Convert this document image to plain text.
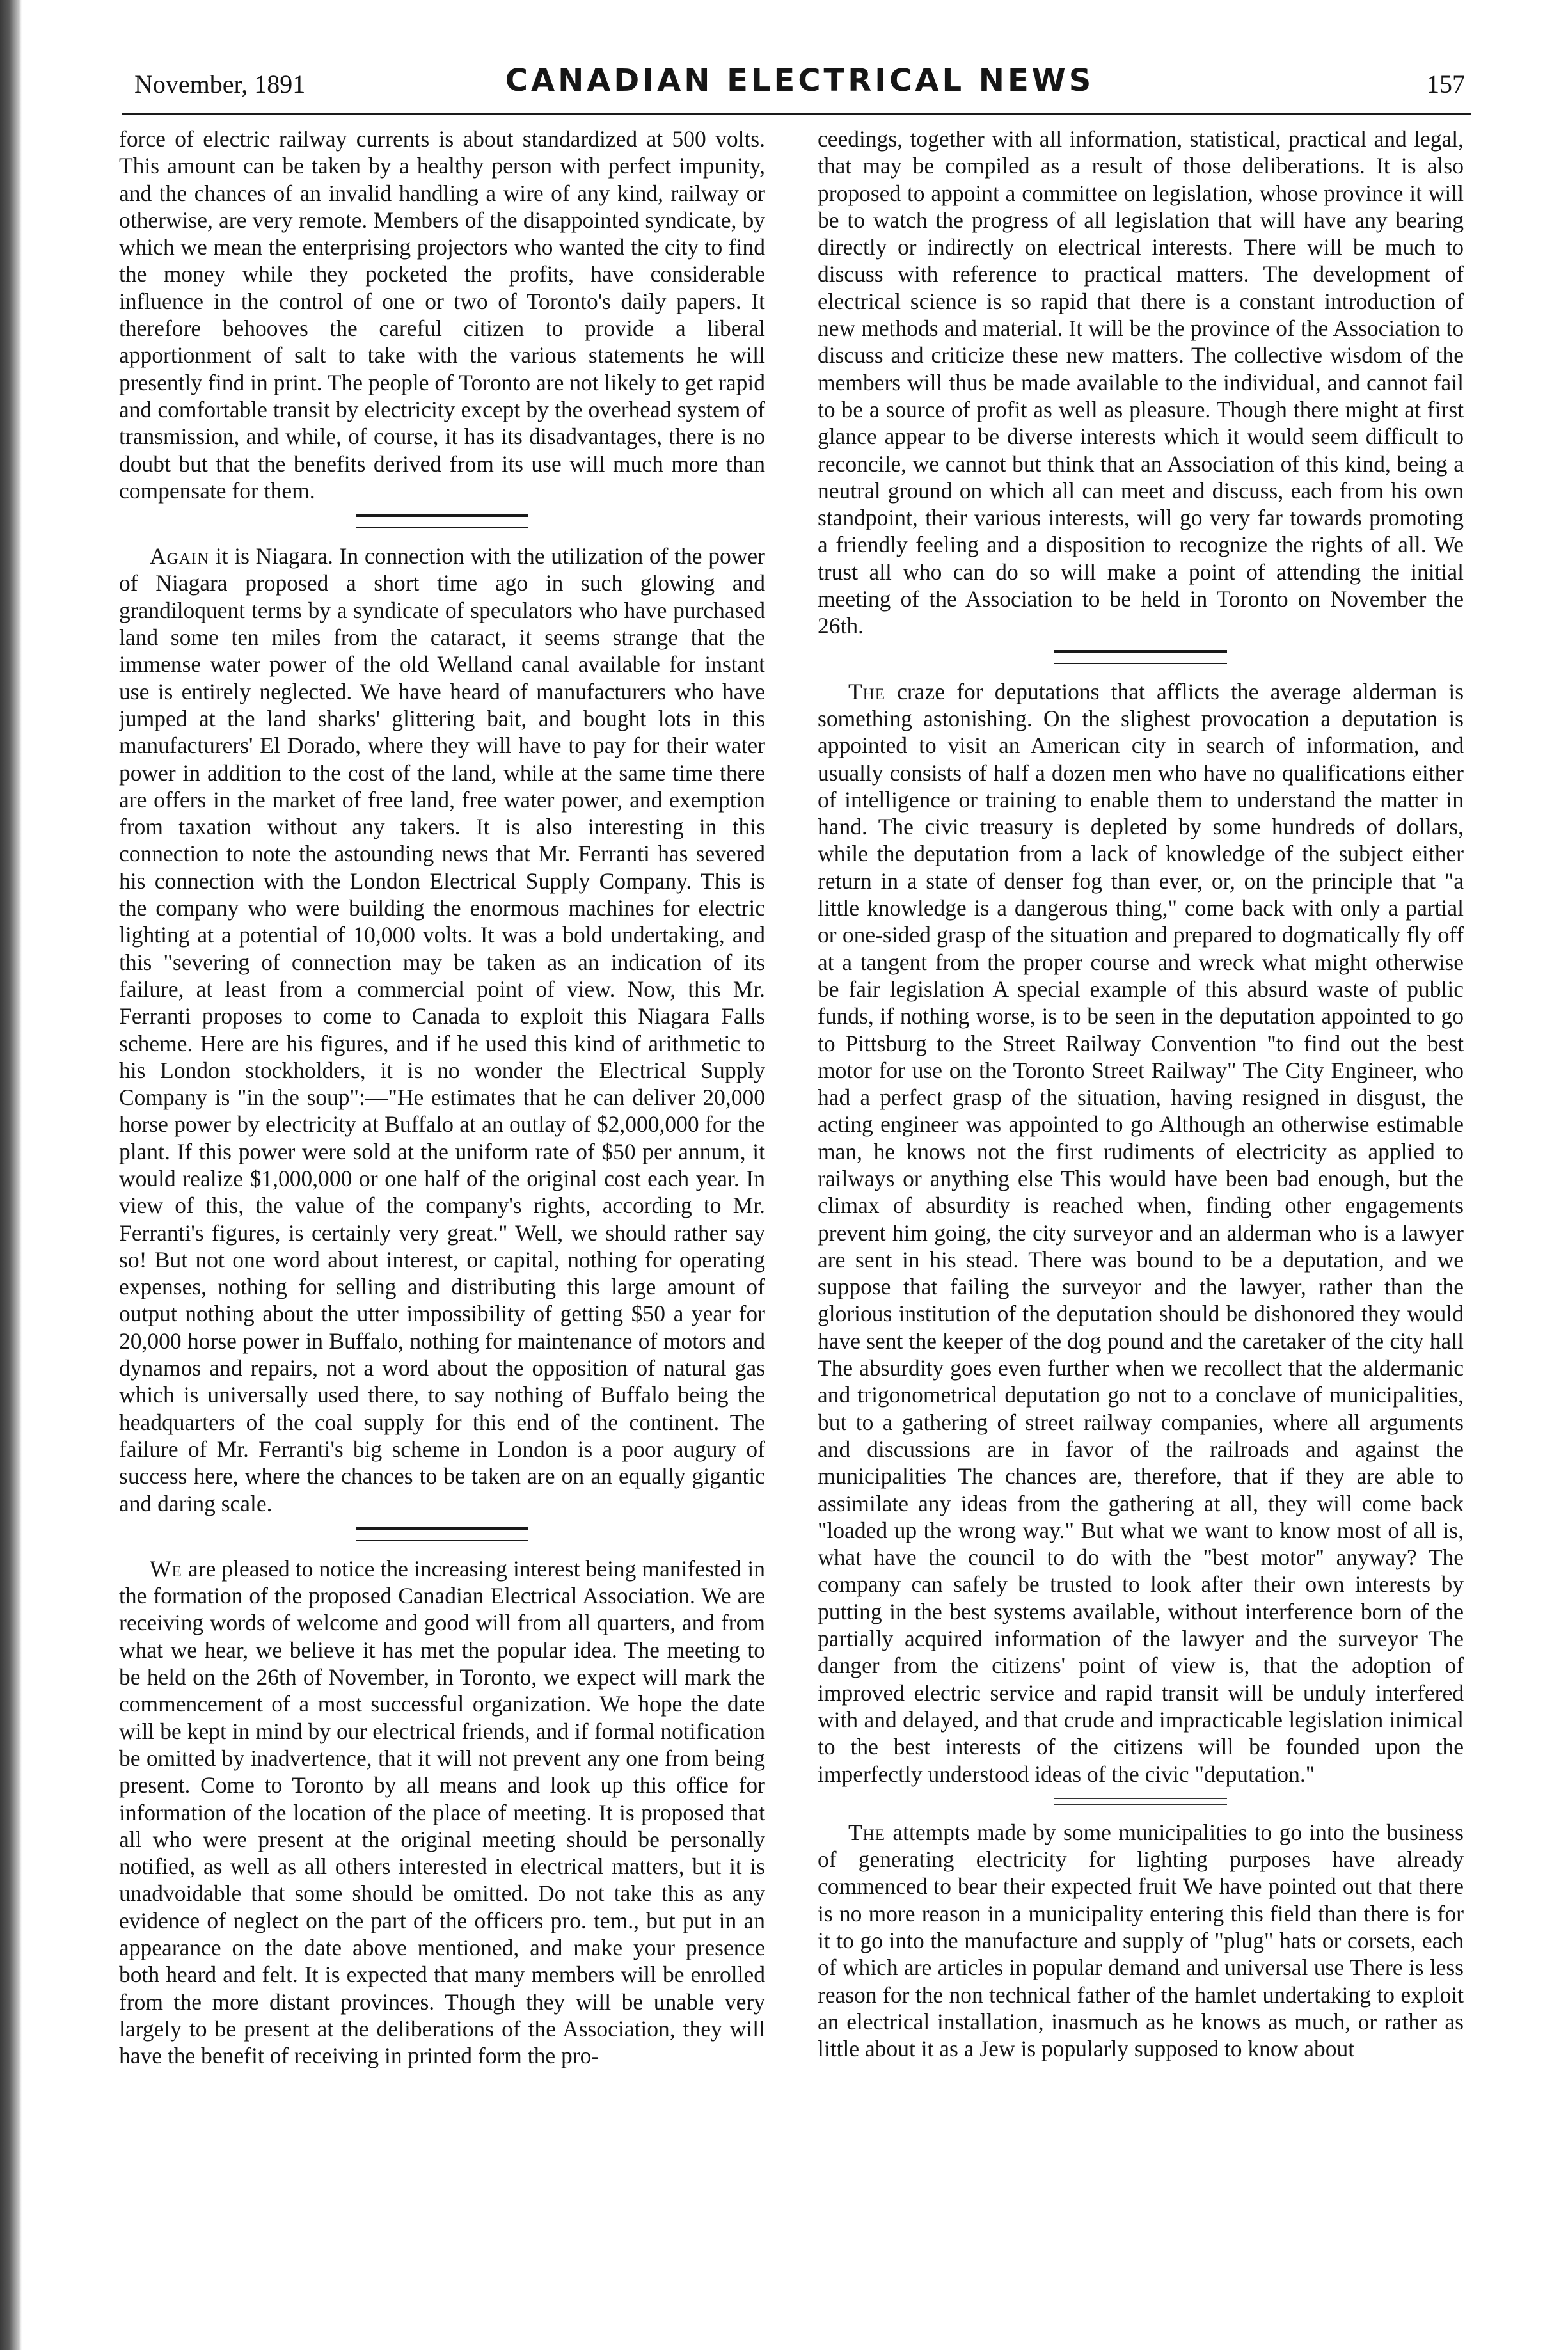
November, 1891	CANADIAN ELECTRICAL NEWS	157

force of electric railway currents is about standardized at 500 volts. This amount can be taken by a healthy person with perfect impunity, and the chances of an invalid handling a wire of any kind, railway or otherwise, are very remote. Members of the disappointed syndicate, by which we mean the enterprising projectors who wanted the city to find the money while they pocketed the profits, have considerable influence in the control of one or two of Toronto's daily papers. It therefore behooves the careful citizen to provide a liberal apportionment of salt to take with the various statements he will presently find in print. The people of Toronto are not likely to get rapid and comfortable transit by electricity except by the overhead system of transmission, and while, of course, it has its disadvantages, there is no doubt but that the benefits derived from its use will much more than compensate for them.

Again it is Niagara. In connection with the utilization of the power of Niagara proposed a short time ago in such glowing and grandiloquent terms by a syndicate of speculators who have purchased land some ten miles from the cataract, it seems strange that the immense water power of the old Welland canal available for instant use is entirely neglected. We have heard of manufacturers who have jumped at the land sharks' glittering bait, and bought lots in this manufacturers' El Dorado, where they will have to pay for their water power in addition to the cost of the land, while at the same time there are offers in the market of free land, free water power, and exemption from taxation without any takers. It is also interesting in this connection to note the astounding news that Mr. Ferranti has severed his connection with the London Electrical Supply Company. This is the company who were building the enormous machines for electric lighting at a potential of 10,000 volts. It was a bold undertaking, and this "severing of connection may be taken as an indication of its failure, at least from a commercial point of view. Now, this Mr. Ferranti proposes to come to Canada to exploit this Niagara Falls scheme. Here are his figures, and if he used this kind of arithmetic to his London stockholders, it is no wonder the Electrical Supply Company is "in the soup":—"He estimates that he can deliver 20,000 horse power by electricity at Buffalo at an outlay of $2,000,000 for the plant. If this power were sold at the uniform rate of $50 per annum, it would realize $1,000,000 or one half of the original cost each year. In view of this, the value of the company's rights, according to Mr. Ferranti's figures, is certainly very great." Well, we should rather say so! But not one word about interest, or capital, nothing for operating expenses, nothing for selling and distributing this large amount of output nothing about the utter impossibility of getting $50 a year for 20,000 horse power in Buffalo, nothing for maintenance of motors and dynamos and repairs, not a word about the opposition of natural gas which is universally used there, to say nothing of Buffalo being the headquarters of the coal supply for this end of the continent. The failure of Mr. Ferranti's big scheme in London is a poor augury of success here, where the chances to be taken are on an equally gigantic and daring scale.

We are pleased to notice the increasing interest being manifested in the formation of the proposed Canadian Electrical Association. We are receiving words of welcome and good will from all quarters, and from what we hear, we believe it has met the popular idea. The meeting to be held on the 26th of November, in Toronto, we expect will mark the commencement of a most successful organization. We hope the date will be kept in mind by our electrical friends, and if formal notification be omitted by inadvertence, that it will not prevent any one from being present. Come to Toronto by all means and look up this office for information of the location of the place of meeting. It is proposed that all who were present at the original meeting should be personally notified, as well as all others interested in electrical matters, but it is unadvoidable that some should be omitted. Do not take this as any evidence of neglect on the part of the officers pro. tem., but put in an appearance on the date above mentioned, and make your presence both heard and felt. It is expected that many members will be enrolled from the more distant provinces. Though they will be unable very largely to be present at the deliberations of the Association, they will have the benefit of receiving in printed form the pro-

ceedings, together with all information, statistical, practical and legal, that may be compiled as a result of those deliberations. It is also proposed to appoint a committee on legislation, whose province it will be to watch the progress of all legislation that will have any bearing directly or indirectly on electrical interests. There will be much to discuss with reference to practical matters. The development of electrical science is so rapid that there is a constant introduction of new methods and material. It will be the province of the Association to discuss and criticize these new matters. The collective wisdom of the members will thus be made available to the individual, and cannot fail to be a source of profit as well as pleasure. Though there might at first glance appear to be diverse interests which it would seem difficult to reconcile, we cannot but think that an Association of this kind, being a neutral ground on which all can meet and discuss, each from his own standpoint, their various interests, will go very far towards promoting a friendly feeling and a disposition to recognize the rights of all. We trust all who can do so will make a point of attending the initial meeting of the Association to be held in Toronto on November the 26th.

The craze for deputations that afflicts the average alderman is something astonishing. On the slighest provocation a deputation is appointed to visit an American city in search of information, and usually consists of half a dozen men who have no qualifications either of intelligence or training to enable them to understand the matter in hand. The civic treasury is depleted by some hundreds of dollars, while the deputation from a lack of knowledge of the subject either return in a state of denser fog than ever, or, on the principle that "a little knowledge is a dangerous thing," come back with only a partial or one-sided grasp of the situation and prepared to dogmatically fly off at a tangent from the proper course and wreck what might otherwise be fair legislation A special example of this absurd waste of public funds, if nothing worse, is to be seen in the deputation appointed to go to Pittsburg to the Street Railway Convention "to find out the best motor for use on the Toronto Street Railway" The City Engineer, who had a perfect grasp of the situation, having resigned in disgust, the acting engineer was appointed to go Although an otherwise estimable man, he knows not the first rudiments of electricity as applied to railways or anything else This would have been bad enough, but the climax of absurdity is reached when, finding other engagements prevent him going, the city surveyor and an alderman who is a lawyer are sent in his stead. There was bound to be a deputation, and we suppose that failing the surveyor and the lawyer, rather than the glorious institution of the deputation should be dishonored they would have sent the keeper of the dog pound and the caretaker of the city hall The absurdity goes even further when we recollect that the aldermanic and trigonometrical deputation go not to a conclave of municipalities, but to a gathering of street railway companies, where all arguments and discussions are in favor of the railroads and against the municipalities The chances are, therefore, that if they are able to assimilate any ideas from the gathering at all, they will come back "loaded up the wrong way." But what we want to know most of all is, what have the council to do with the "best motor" anyway? The company can safely be trusted to look after their own interests by putting in the best systems available, without interference born of the partially acquired information of the lawyer and the surveyor The danger from the citizens' point of view is, that the adoption of improved electric service and rapid transit will be unduly interfered with and delayed, and that crude and impracticable legislation inimical to the best interests of the citizens will be founded upon the imperfectly understood ideas of the civic "deputation."

The attempts made by some municipalities to go into the business of generating electricity for lighting purposes have already commenced to bear their expected fruit We have pointed out that there is no more reason in a municipality entering this field than there is for it to go into the manufacture and supply of "plug" hats or corsets, each of which are articles in popular demand and universal use There is less reason for the non technical father of the hamlet undertaking to exploit an electrical installation, inasmuch as he knows as much, or rather as little about it as a Jew is popularly supposed to know about
